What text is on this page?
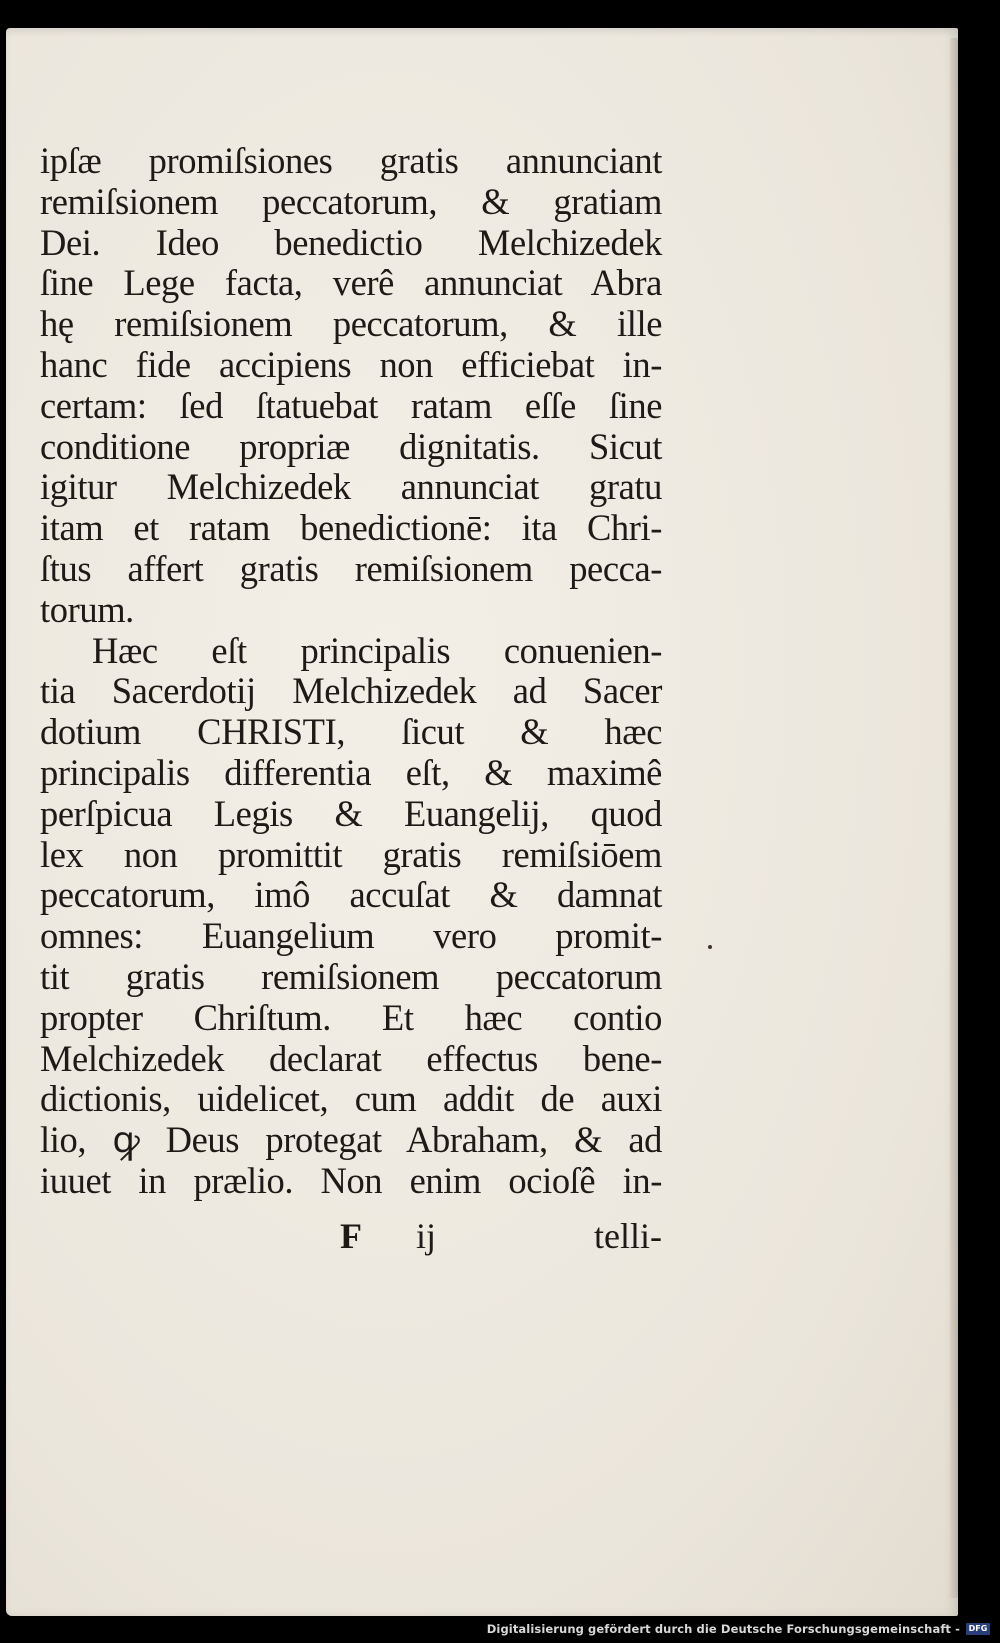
ipſæ promiſsiones gratis annunciant
remiſsionem peccatorum, & gratiam
Dei. Ideo benedictio Melchizedek
ſine Lege facta, verê annunciat Abra
hę remiſsionem peccatorum, & ille
hanc fide accipiens non efficiebat in-
certam: ſed ſtatuebat ratam eſſe ſine
conditione propriæ dignitatis. Sicut
igitur Melchizedek annunciat gratu
itam et ratam benedictionē: ita Chri-
ſtus affert gratis remiſsionem pecca-
torum.
Hæc eſt principalis conuenien-
tia Sacerdotij Melchizedek ad Sacer
dotium CHRISTI, ſicut & hæc
principalis differentia eſt, & maximê
perſpicua Legis & Euangelij, quod
lex non promittit gratis remiſsiōem
peccatorum, imô accuſat & damnat
omnes: Euangelium vero promit-
tit gratis remiſsionem peccatorum
propter Chriſtum. Et hæc contio
Melchizedek declarat effectus bene-
dictionis, uidelicet, cum addit de auxi
lio, ꝙ Deus protegat Abraham, & ad
iuuet in prælio. Non enim ocioſê in-
F ij	telli-
Digitalisierung gefördert durch die Deutsche Forschungsgemeinschaft -	DFG
